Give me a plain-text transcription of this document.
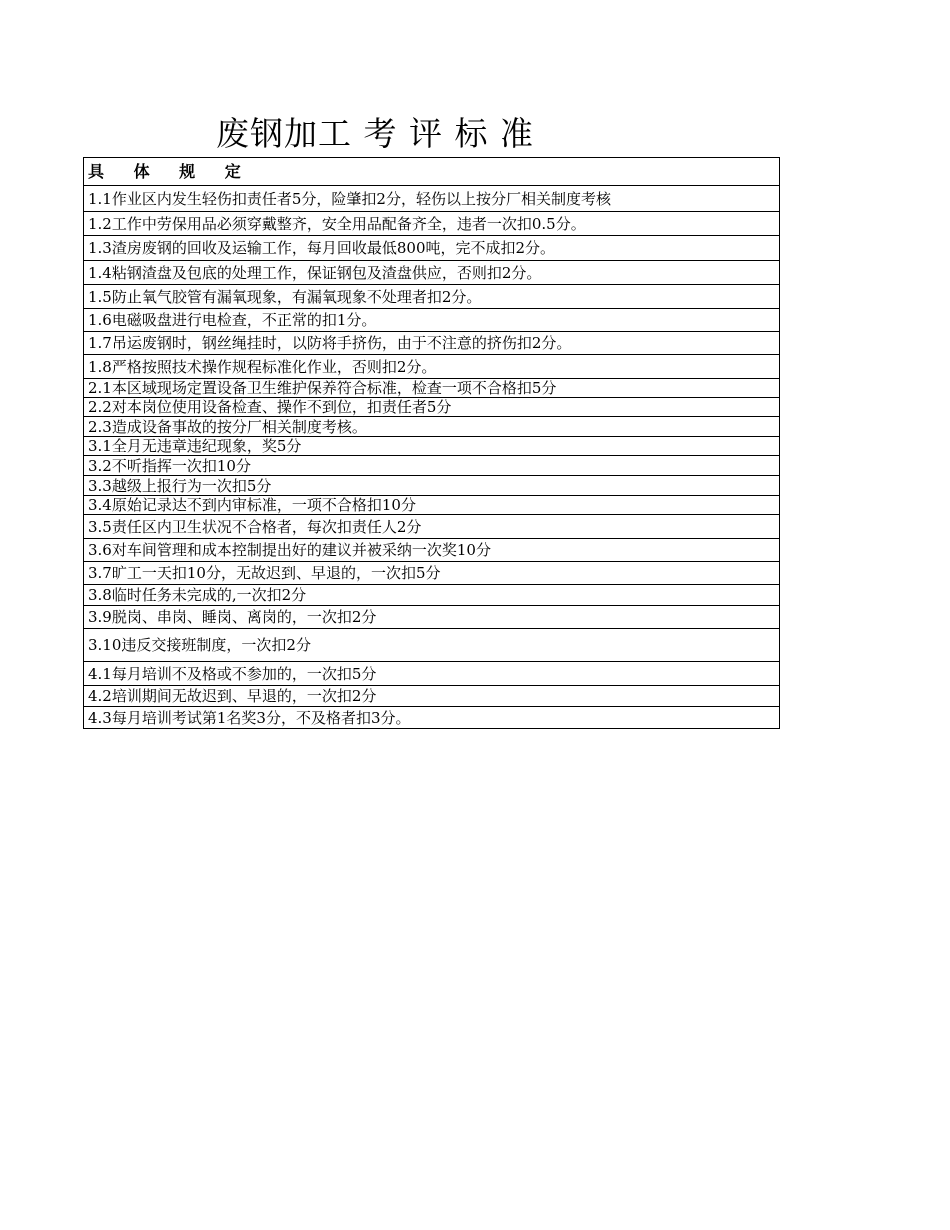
废钢加工 考 评 标 准
具 体 规 定
1.1作业区内发生轻伤扣责任者5分，险肇扣2分，轻伤以上按分厂相关制度考核
1.2工作中劳保用品必须穿戴整齐，安全用品配备齐全，违者一次扣0.5分。
1.3渣房废钢的回收及运输工作，每月回收最低800吨，完不成扣2分。
1.4粘钢渣盘及包底的处理工作，保证钢包及渣盘供应，否则扣2分。
1.5防止氧气胶管有漏氧现象，有漏氧现象不处理者扣2分。
1.6电磁吸盘进行电检查，不正常的扣1分。
1.7吊运废钢时，钢丝绳挂时，以防将手挤伤，由于不注意的挤伤扣2分。
1.8严格按照技术操作规程标准化作业，否则扣2分。
2.1本区域现场定置设备卫生维护保养符合标准，检查一项不合格扣5分
2.2对本岗位使用设备检查、操作不到位，扣责任者5分
2.3造成设备事故的按分厂相关制度考核。
3.1全月无违章违纪现象，奖5分
3.2不听指挥一次扣10分
3.3越级上报行为一次扣5分
3.4原始记录达不到内审标准，一项不合格扣10分
3.5责任区内卫生状况不合格者，每次扣责任人2分
3.6对车间管理和成本控制提出好的建议并被采纳一次奖10分
3.7旷工一天扣10分，无故迟到、早退的，一次扣5分
3.8临时任务未完成的,一次扣2分
3.9脱岗、串岗、睡岗、离岗的，一次扣2分
3.10违反交接班制度，一次扣2分
4.1每月培训不及格或不参加的，一次扣5分
4.2培训期间无故迟到、早退的，一次扣2分
4.3每月培训考试第1名奖3分，不及格者扣3分。
